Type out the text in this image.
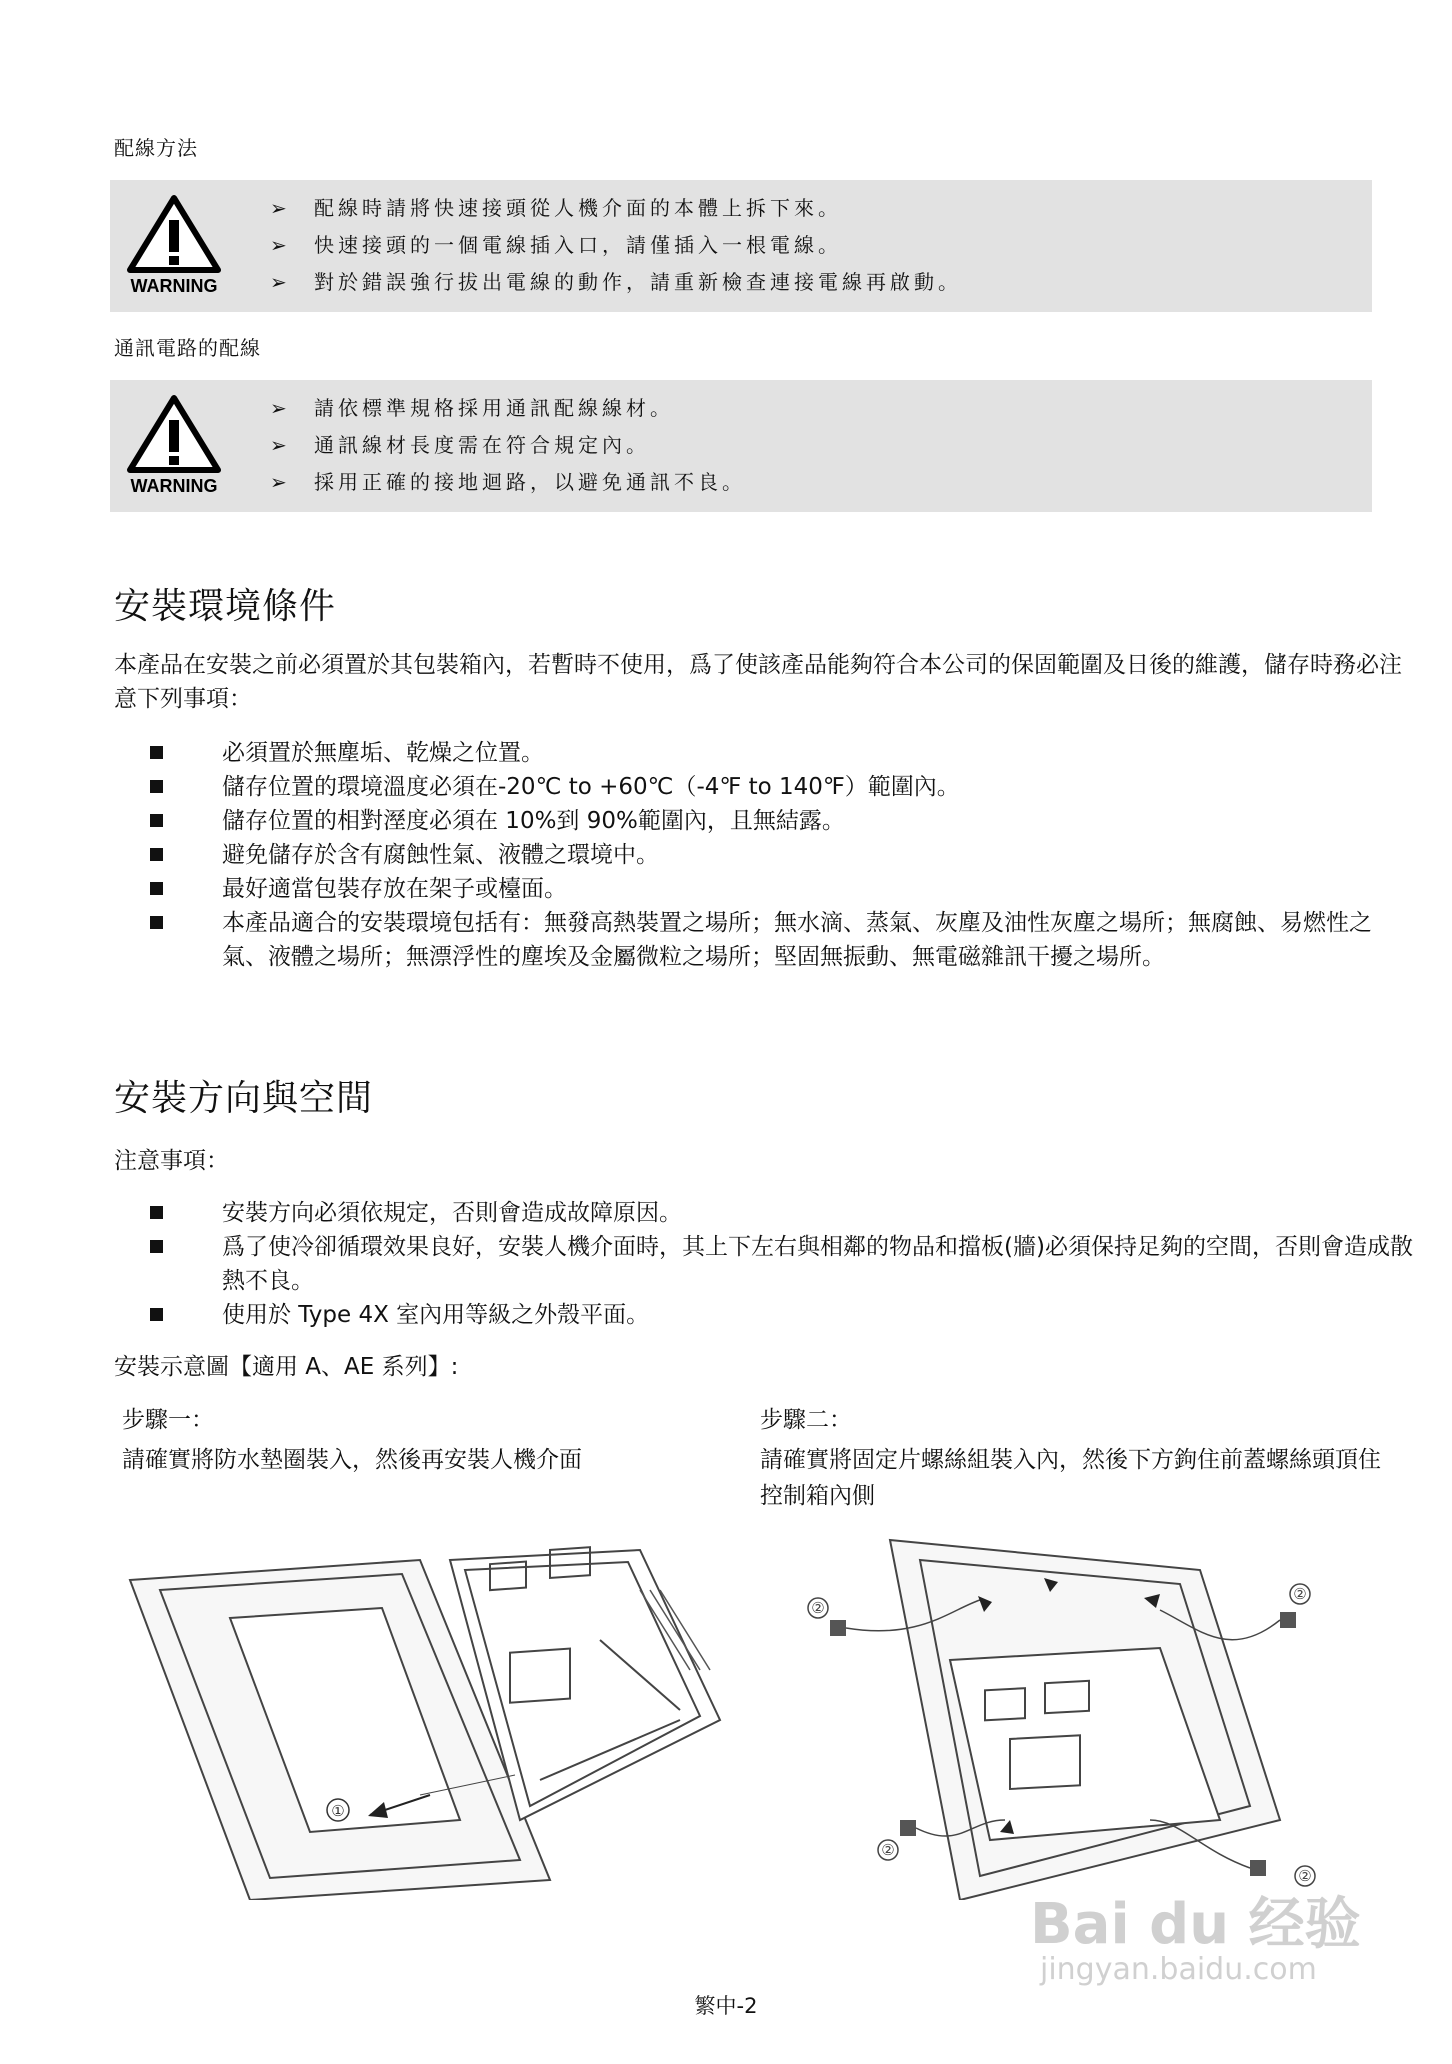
配線方法
WARNING
➢ 配線時請將快速接頭從人機介面的本體上拆下來。
➢ 快速接頭的一個電線插入口，請僅插入一根電線。
➢ 對於錯誤強行拔出電線的動作，請重新檢查連接電線再啟動。
通訊電路的配線
WARNING
➢ 請依標準規格採用通訊配線線材。
➢ 通訊線材長度需在符合規定內。
➢ 採用正確的接地迴路，以避免通訊不良。
安裝環境條件

本產品在安裝之前必須置於其包裝箱內，若暫時不使用，爲了使該產品能夠符合本公司的保固範圍及日後的維護，儲存時務必注意下列事項：

必須置於無塵垢、乾燥之位置。
儲存位置的環境溫度必須在-20℃ to +60℃（-4℉ to 140℉）範圍內。
儲存位置的相對溼度必須在 10%到 90%範圍內，且無結露。
避免儲存於含有腐蝕性氣、液體之環境中。
最好適當包裝存放在架子或檯面。
本產品適合的安裝環境包括有：無發高熱裝置之場所；無水滴、蒸氣、灰塵及油性灰塵之場所；無腐蝕、易燃性之氣、液體之場所；無漂浮性的塵埃及金屬微粒之場所；堅固無振動、無電磁雜訊干擾之場所。
安裝方向與空間

注意事項：

安裝方向必須依規定，否則會造成故障原因。
爲了使冷卻循環效果良好，安裝人機介面時，其上下左右與相鄰的物品和擋板(牆)必須保持足夠的空間，否則會造成散熱不良。
使用於 Type 4X 室內用等級之外殼平面。

安裝示意圖【適用 A、AE 系列】:

步驟一：
請確實將防水墊圈裝入，然後再安裝人機介面
步驟二：
請確實將固定片螺絲組裝入內，然後下方鉤住前蓋螺絲頭頂住控制箱內側
①
②
②
②
②
Bai du 经验
jingyan.baidu.com
繁中-2
